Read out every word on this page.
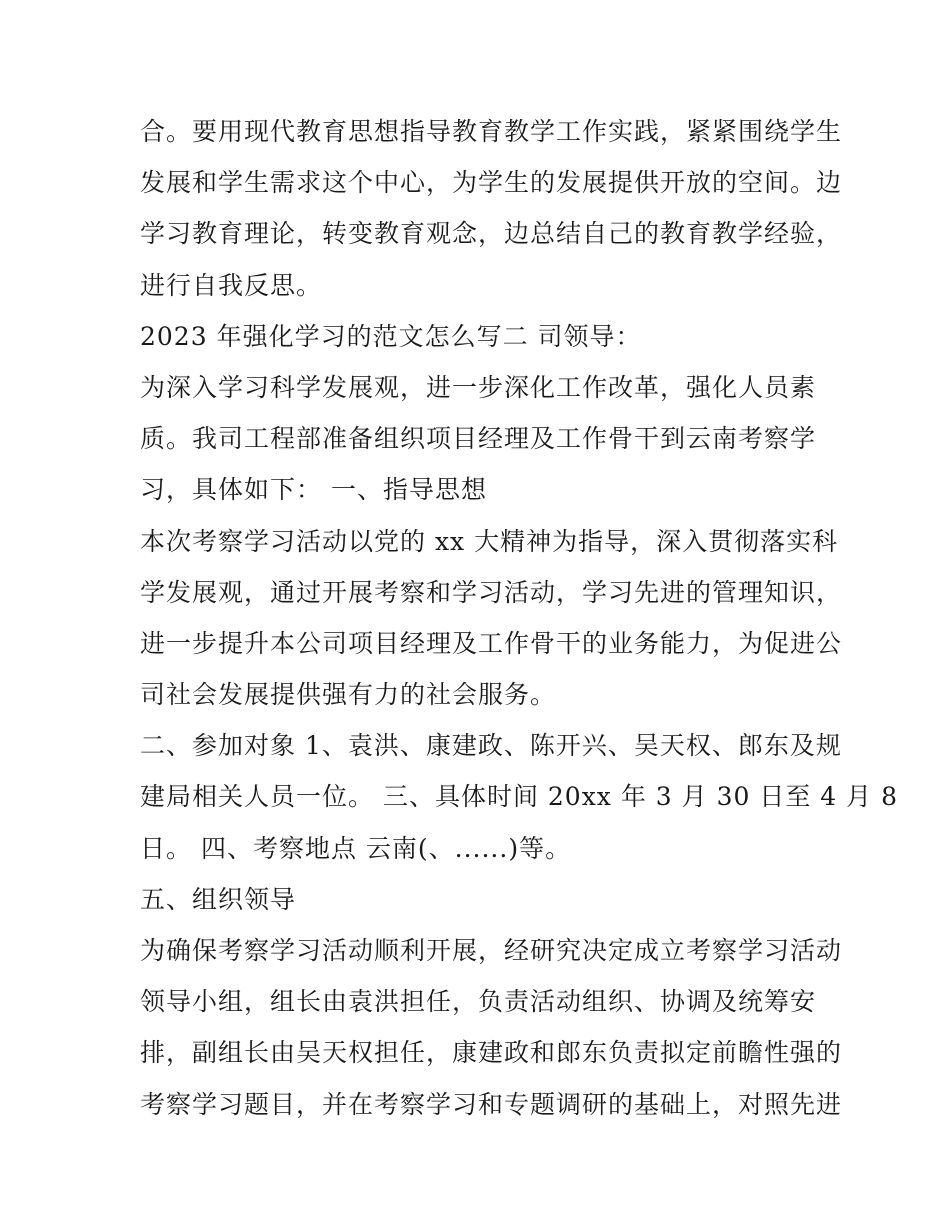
合。要用现代教育思想指导教育教学工作实践，紧紧围绕学生
发展和学生需求这个中心，为学生的发展提供开放的空间。边
学习教育理论，转变教育观念，边总结自己的教育教学经验，
进行自我反思。
2023 年强化学习的范文怎么写二 司领导：
为深入学习科学发展观，进一步深化工作改革，强化人员素
质。我司工程部准备组织项目经理及工作骨干到云南考察学
习，具体如下： 一、指导思想
本次考察学习活动以党的 xx 大精神为指导，深入贯彻落实科
学发展观，通过开展考察和学习活动，学习先进的管理知识，
进一步提升本公司项目经理及工作骨干的业务能力，为促进公
司社会发展提供强有力的社会服务。
二、参加对象 1、袁洪、康建政、陈开兴、吴天权、郎东及规
建局相关人员一位。 三、具体时间 20xx 年 3 月 30 日至 4 月 8
日。 四、考察地点 云南(、......)等。
五、组织领导
为确保考察学习活动顺利开展，经研究决定成立考察学习活动
领导小组，组长由袁洪担任，负责活动组织、协调及统筹安
排，副组长由吴天权担任，康建政和郎东负责拟定前瞻性强的
考察学习题目，并在考察学习和专题调研的基础上，对照先进
